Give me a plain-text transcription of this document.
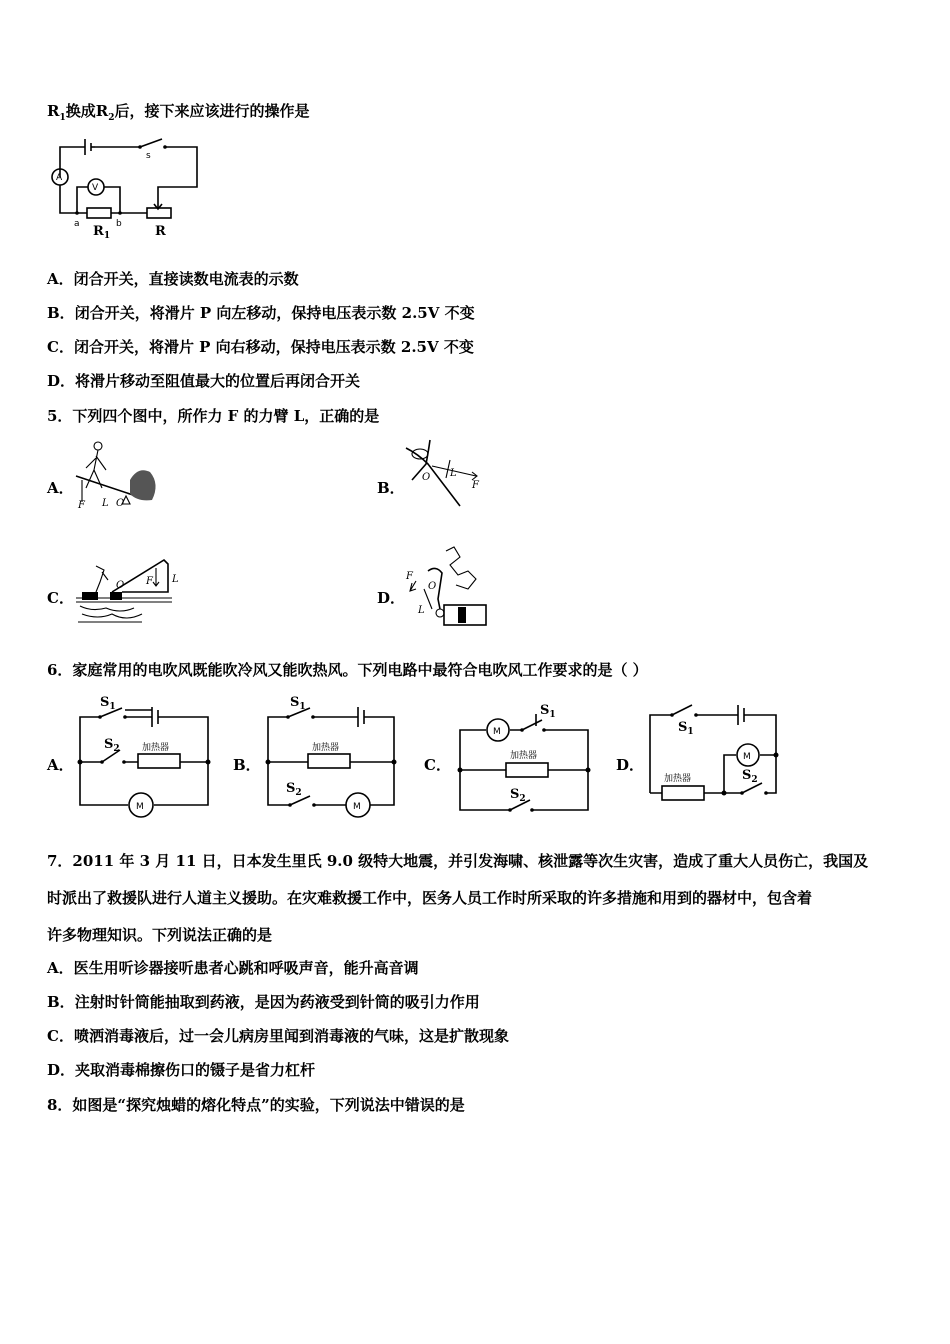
$R_1$换成$R_2$后，接下来应该进行的操作是
s
A
V
a	b
$R_1$	R
A．闭合开关，直接读数电流表的示数
B．闭合开关，将滑片 P 向左移动，保持电压表示数 2.5V 不变
C．闭合开关，将滑片 P 向右移动，保持电压表示数 2.5V 不变
D．将滑片移动至阻值最大的位置后再闭合开关
5．下列四个图中，所作力 F 的力臂 L，正确的是
A．
F L O
B．
O L
F
C．
O F L
D．
F
O
L
6．家庭常用的电吹风既能吹冷风又能吹热风。下列电路中最符合电吹风工作要求的是（ ）
A．
$S_1$
$S_2$ 加热器
M
B．
$S_1$
加热器
$S_2$
M
C．
M
$S_1$
加热器
$S_2$
D．
$S_1$
M
加热器	$S_2$
7．2011 年 3 月 11 日，日本发生里氏 9.0 级特大地震，并引发海啸、核泄露等次生灾害，造成了重大人员伤亡，我国及
时派出了救援队进行人道主义援助。在灾难救援工作中，医务人员工作时所采取的许多措施和用到的器材中，包含着
许多物理知识。下列说法正确的是
A．医生用听诊器接听患者心跳和呼吸声音，能升高音调
B．注射时针筒能抽取到药液，是因为药液受到针筒的吸引力作用
C．喷洒消毒液后，过一会儿病房里闻到消毒液的气味，这是扩散现象
D．夹取消毒棉擦伤口的镊子是省力杠杆
8．如图是“探究烛蜡的熔化特点”的实验，下列说法中错误的是
